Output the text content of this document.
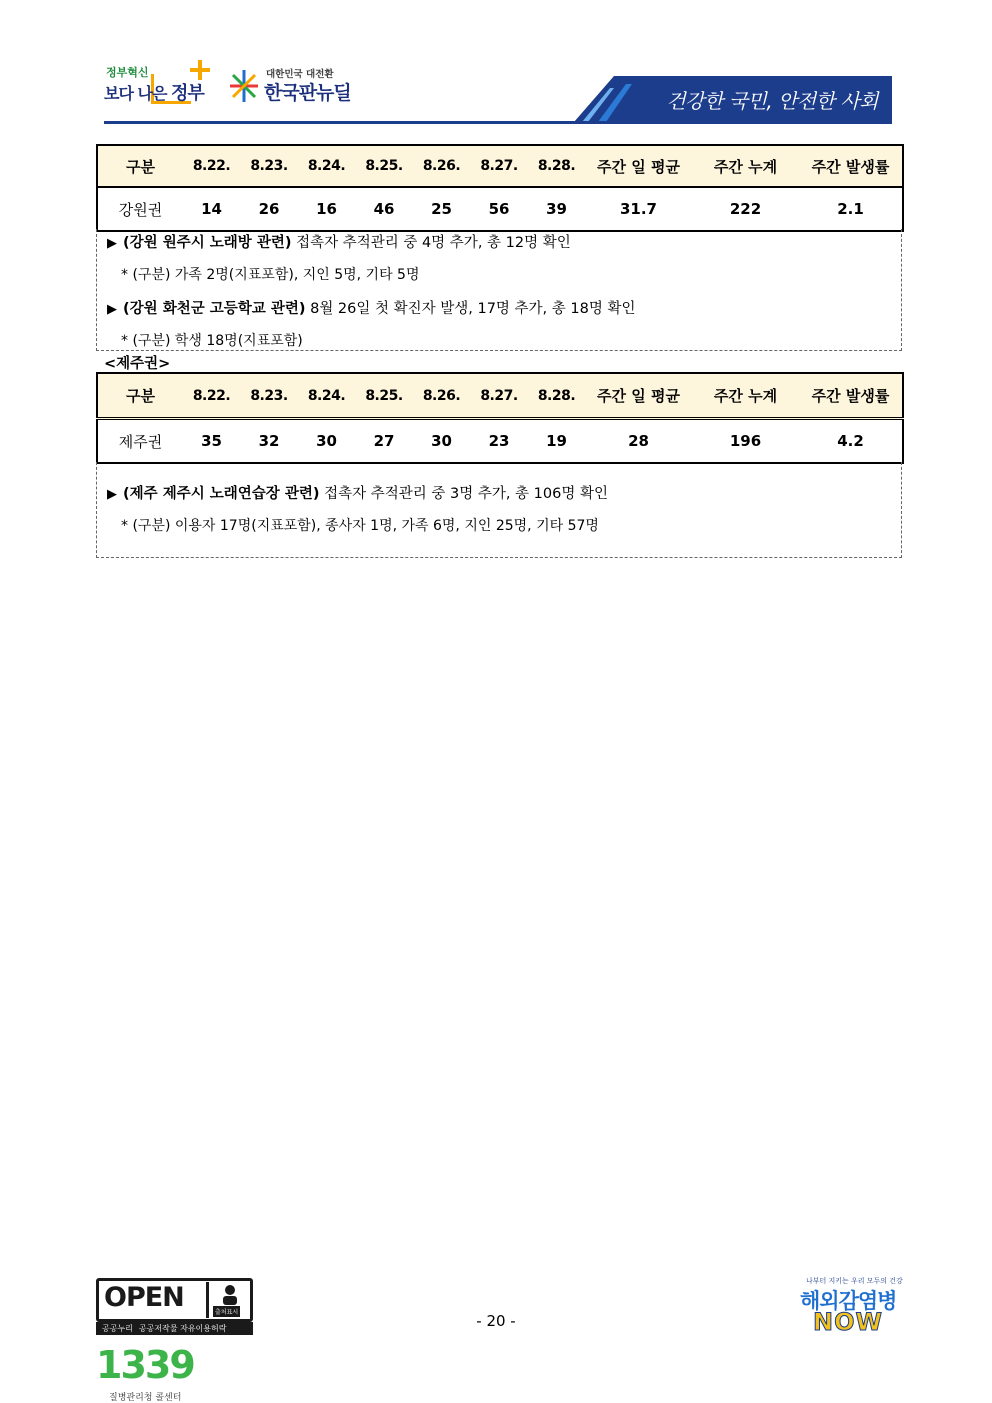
정부혁신
보다 나은 정부
대한민국 대전환
한국판뉴딜	건강한 국민, 안전한 사회
구분	8.22.	8.23.	8.24.	8.25.	8.26.	8.27.	8.28.	주간 일 평균	주간 누계	주간 발생률
강원권	14	26	16	46	25	56	39	31.7	222	2.1
▶ (강원 원주시 노래방 관련) 접촉자 추적관리 중 4명 추가, 총 12명 확인
* (구분) 가족 2명(지표포함), 지인 5명, 기타 5명
▶ (강원 화천군 고등학교 관련) 8월 26일 첫 확진자 발생, 17명 추가, 총 18명 확인
* (구분) 학생 18명(지표포함)
<제주권>
구분	8.22.	8.23.	8.24.	8.25.	8.26.	8.27.	8.28.	주간 일 평균	주간 누계	주간 발생률
제주권	35	32	30	27	30	23	19	28	196	4.2
▶ (제주 제주시 노래연습장 관련) 접촉자 추적관리 중 3명 추가, 총 106명 확인
* (구분) 이용자 17명(지표포함), 종사자 1명, 가족 6명, 지인 25명, 기타 57명
OPEN	출처표시
공공누리 공공저작물 자유이용허락	- 20 -
1339
질병관리청 콜센터
나부터 지키는 우리 모두의 건강
해외감염병
NOW
